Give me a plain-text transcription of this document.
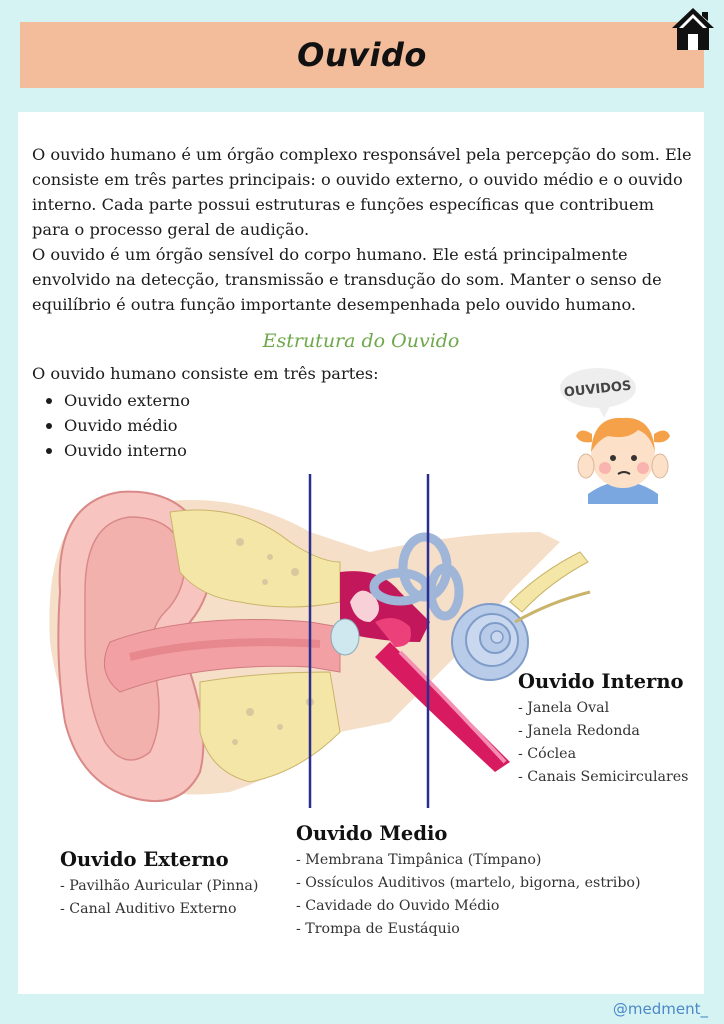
Ouvido

O ouvido humano é um órgão complexo responsável pela percepção do som. Ele consiste em três partes principais: o ouvido externo, o ouvido médio e o ouvido interno. Cada parte possui estruturas e funções específicas que contribuem para o processo geral de audição.

O ouvido é um órgão sensível do corpo humano. Ele está principalmente envolvido na detecção, transmissão e transdução do som. Manter o senso de equilíbrio é outra função importante desempenhada pelo ouvido humano.

Estrutura do Ouvido
O ouvido humano consiste em três partes:
Ouvido externo
Ouvido médio
Ouvido interno
OUVIDOS
Ouvido Interno
- Janela Oval
- Janela Redonda
- Cóclea
- Canais Semicirculares
Ouvido Medio
- Membrana Timpânica (Tímpano)
- Ossículos Auditivos (martelo, bigorna, estribo)
- Cavidade do Ouvido Médio
- Trompa de Eustáquio
Ouvido Externo
- Pavilhão Auricular (Pinna)
- Canal Auditivo Externo
@medment_
